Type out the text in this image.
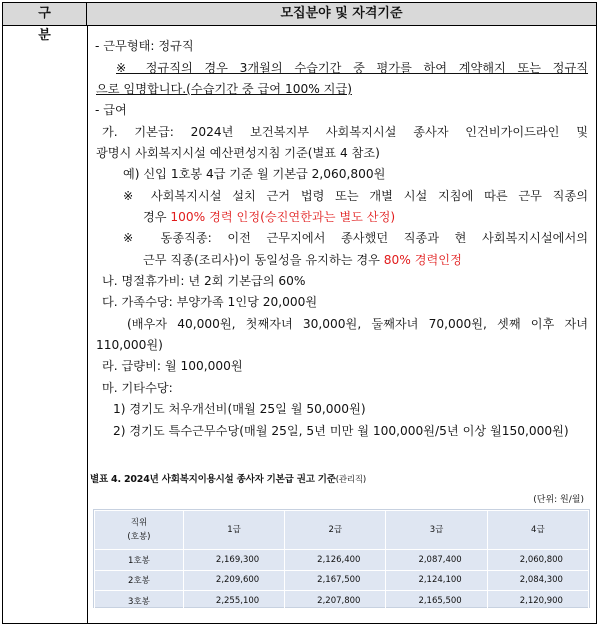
구 분
모집분야 및 자격기준
- 근무형태: 정규직
※ 정규직의 경우 3개월의 수습기간 중 평가를 하여 계약해지 또는 정규직
으로 임명합니다.(수습기간 중 급여 100% 지급)
- 급여
가. 기본급: 2024년 보건복지부 사회복지시설 종사자 인건비가이드라인 및
광명시 사회복지시설 예산편성지침 기준(별표 4 참조)
예) 신입 1호봉 4급 기준 월 기본급 2,060,800원
※ 사회복지시설 설치 근거 법령 또는 개별 시설 지침에 따른 근무 직종의
경우 100% 경력 인정(승진연한과는 별도 산정)
※ 동종직종: 이전 근무지에서 종사했던 직종과 현 사회복지시설에서의
근무 직종(조리사)이 동일성을 유지하는 경우 80% 경력인정
나. 명절휴가비: 년 2회 기본급의 60%
다. 가족수당: 부양가족 1인당 20,000원
(배우자 40,000원, 첫째자녀 30,000원, 둘째자녀 70,000원, 셋째 이후 자녀
110,000원)
라. 급량비: 월 100,000원
마. 기타수당:
1) 경기도 처우개선비(매월 25일 월 50,000원)
2) 경기도 특수근무수당(매월 25일, 5년 미만 월 100,000원/5년 이상 월150,000원)
별표 4. 2024년 사회복지이용시설 종사자 기본급 권고 기준(관리직)
(단위: 원/월)
직위
(호봉)	1급	2급	3급	4급
1호봉	2,169,300	2,126,400	2,087,400	2,060,800
2호봉	2,209,600	2,167,500	2,124,100	2,084,300
3호봉	2,255,100	2,207,800	2,165,500	2,120,900
